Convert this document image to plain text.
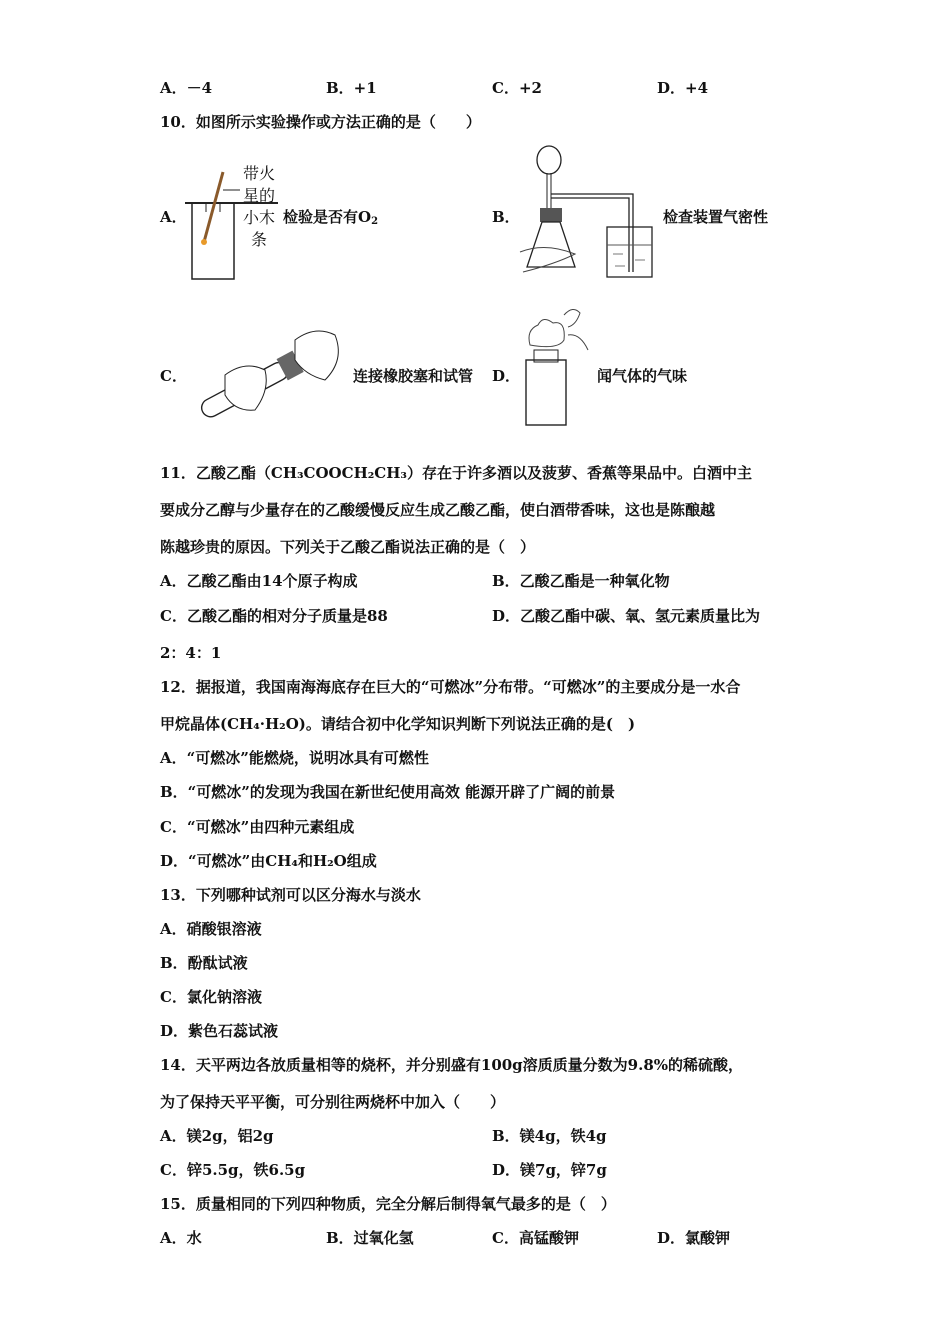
A．－4	B．+1	C．+2	D．+4
10．如图所示实验操作或方法正确的是（　　）
A．
带火
星的
小木
条
检验是否有$O_2$	B．	检查装置气密性
C．	连接橡胶塞和试管 D．	闻气体的气味
11．乙酸乙酯（CH₃COOCH₂CH₃）存在于许多酒以及菠萝、香蕉等果品中。白酒中主
要成分乙醇与少量存在的乙酸缓慢反应生成乙酸乙酯，使白酒带香味，这也是陈酿越
陈越珍贵的原因。下列关于乙酸乙酯说法正确的是（　）
A．乙酸乙酯由14个原子构成	B．乙酸乙酯是一种氧化物
C．乙酸乙酯的相对分子质量是88	D．乙酸乙酯中碳、氧、氢元素质量比为
2：4：1
12．据报道，我国南海海底存在巨大的“可燃冰”分布带。“可燃冰”的主要成分是一水合
甲烷晶体(CH₄·H₂O)。请结合初中化学知识判断下列说法正确的是(　)
A．“可燃冰”能燃烧，说明冰具有可燃性
B．“可燃冰”的发现为我国在新世纪使用高效 能源开辟了广阔的前景
C．“可燃冰”由四种元素组成
D．“可燃冰”由CH₄和H₂O组成
13．下列哪种试剂可以区分海水与淡水
A．硝酸银溶液
B．酚酞试液
C．氯化钠溶液
D．紫色石蕊试液
14．天平两边各放质量相等的烧杯，并分别盛有100g溶质质量分数为9.8%的稀硫酸，
为了保持天平平衡，可分别往两烧杯中加入（　　）
A．镁2g，铝2g	B．镁4g，铁4g
C．锌5.5g，铁6.5g	D．镁7g，锌7g
15．质量相同的下列四种物质，完全分解后制得氧气最多的是（　）
A．水	B．过氧化氢	C．高锰酸钾	D．氯酸钾
